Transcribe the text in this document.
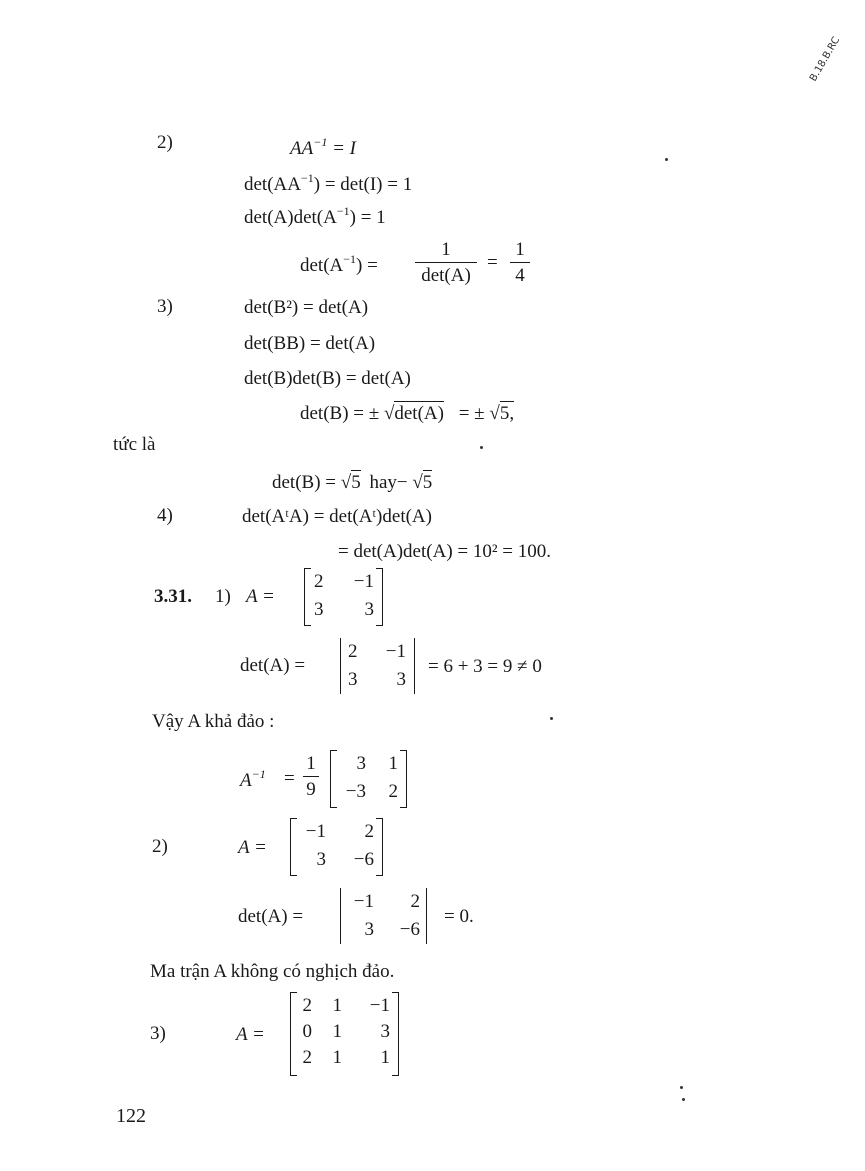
B.18.B.RC
2)	$AA^{-1} = I$
$\det(AA^{-1}) = \det(I) = 1$
$\det(A)\det(A^{-1}) = 1$
$\det(A^{-1})$ =
1
det(A)
=
1
4
3)	det(B²) = det(A)
det(BB) = det(A)
det(B)det(B) = det(A)
det(B) = ± √det(A) = ± √5,
tức là
det(B) = √5 hay− √5
4)	det(AᵗA) = det(Aᵗ)det(A)
= det(A)det(A) = 10² = 100.
3.31. 1) A =
2	−1
3	3
det(A) =
2	−1
3	3
= 6 + 3 = 9 ≠ 0
Vậy A khả đảo :
$A^{-1}$ =
1
9
3	1
−3	2
2)	A =
−1	2
3	−6
det(A) =
−1	2
3	−6
= 0.
Ma trận A không có nghịch đảo.
3)	A =
2 1	−1
0 1	3
2 1	1
122
